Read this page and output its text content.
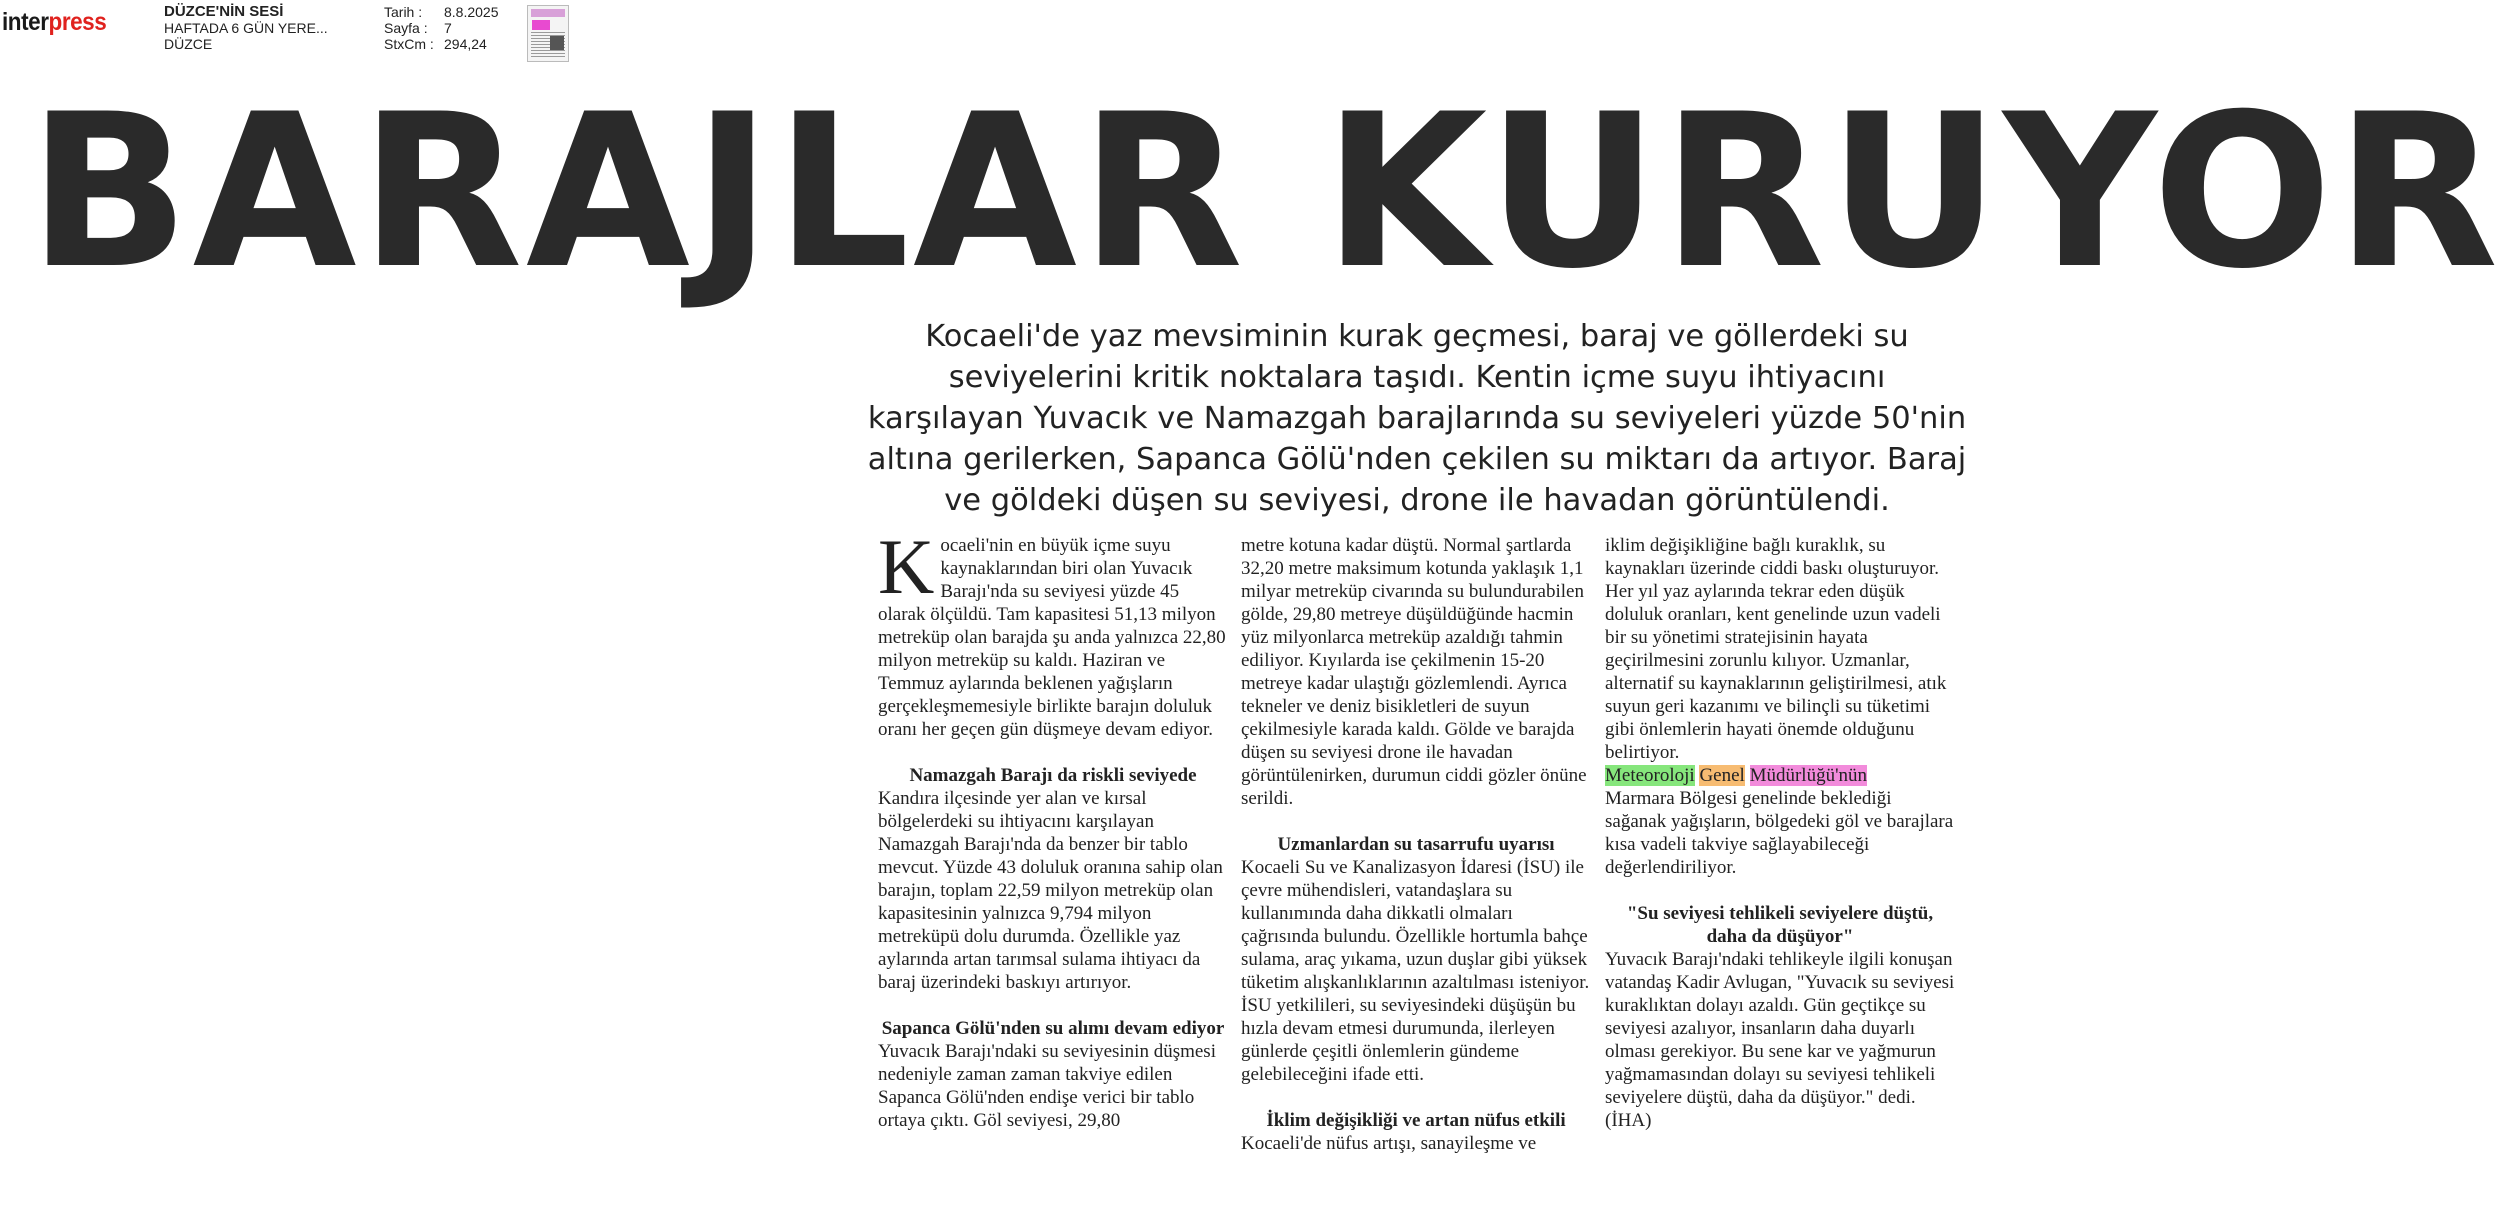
interpress	DÜZCE'NİN SESİ
HAFTADA 6 GÜN YERE...
DÜZCE
Tarih :	8.8.2025
Sayfa :	7
StxCm : 294,24
BARAJLAR KURUYOR
Kocaeli'de yaz mevsiminin kurak geçmesi, baraj ve göllerdeki su seviyelerini kritik noktalara taşıdı. Kentin içme suyu ihtiyacını karşılayan Yuvacık ve Namazgah barajlarında su seviyeleri yüzde 50'nin altına gerilerken, Sapanca Gölü'nden çekilen su miktarı da artıyor. Baraj ve göldeki düşen su seviyesi, drone ile havadan görüntülendi.

Kocaeli'nin en büyük içme suyu kaynaklarından biri olan Yuvacık Barajı'nda su seviyesi yüzde 45 olarak ölçüldü. Tam kapasitesi 51,13 milyon metreküp olan barajda şu anda yalnızca 22,80 milyon metreküp su kaldı. Haziran ve Temmuz aylarında beklenen yağışların gerçekleşmemesiyle birlikte barajın doluluk oranı her geçen gün düşmeye devam ediyor.

Namazgah Barajı da riskli seviyede

Kandıra ilçesinde yer alan ve kırsal bölgelerdeki su ihtiyacını karşılayan Namazgah Barajı'nda da benzer bir tablo mevcut. Yüzde 43 doluluk oranına sahip olan barajın, toplam 22,59 milyon metreküp olan kapasitesinin yalnızca 9,794 milyon metreküpü dolu durumda. Özellikle yaz aylarında artan tarımsal sulama ihtiyacı da baraj üzerindeki baskıyı artırıyor.

Sapanca Gölü'nden su alımı devam ediyor

Yuvacık Barajı'ndaki su seviyesinin düşmesi nedeniyle zaman zaman takviye edilen Sapanca Gölü'nden endişe verici bir tablo ortaya çıktı. Göl seviyesi, 29,80

metre kotuna kadar düştü. Normal şartlarda 32,20 metre maksimum kotunda yaklaşık 1,1 milyar metreküp civarında su bulundurabilen gölde, 29,80 metreye düşüldüğünde hacmin yüz milyonlarca metreküp azaldığı tahmin ediliyor. Kıyılarda ise çekilmenin 15-20 metreye kadar ulaştığı gözlemlendi. Ayrıca tekneler ve deniz bisikletleri de suyun çekilmesiyle karada kaldı. Gölde ve barajda düşen su seviyesi drone ile havadan görüntülenirken, durumun ciddi gözler önüne serildi.

Uzmanlardan su tasarrufu uyarısı

Kocaeli Su ve Kanalizasyon İdaresi (İSU) ile çevre mühendisleri, vatandaşlara su kullanımında daha dikkatli olmaları çağrısında bulundu. Özellikle hortumla bahçe sulama, araç yıkama, uzun duşlar gibi yüksek tüketim alışkanlıklarının azaltılması isteniyor. İSU yetkilileri, su seviyesindeki düşüşün bu hızla devam etmesi durumunda, ilerleyen günlerde çeşitli önlemlerin gündeme gelebileceğini ifade etti.

İklim değişikliği ve artan nüfus etkili

Kocaeli'de nüfus artışı, sanayileşme ve

iklim değişikliğine bağlı kuraklık, su kaynakları üzerinde ciddi baskı oluşturuyor. Her yıl yaz aylarında tekrar eden düşük doluluk oranları, kent genelinde uzun vadeli bir su yönetimi stratejisinin hayata geçirilmesini zorunlu kılıyor. Uzmanlar, alternatif su kaynaklarının geliştirilmesi, atık suyun geri kazanımı ve bilinçli su tüketimi gibi önlemlerin hayati önemde olduğunu belirtiyor.

Meteoroloji Genel Müdürlüğü'nün

Marmara Bölgesi genelinde beklediği sağanak yağışların, bölgedeki göl ve barajlara kısa vadeli takviye sağlayabileceği değerlendiriliyor.

"Su seviyesi tehlikeli seviyelere düştü, daha da düşüyor"

Yuvacık Barajı'ndaki tehlikeyle ilgili konuşan vatandaş Kadir Avlugan, "Yuvacık su seviyesi kuraklıktan dolayı azaldı. Gün geçtikçe su seviyesi azalıyor, insanların daha duyarlı olması gerekiyor. Bu sene kar ve yağmurun yağmamasından dolayı su seviyesi tehlikeli seviyelere düştü, daha da düşüyor." dedi.

(İHA)
